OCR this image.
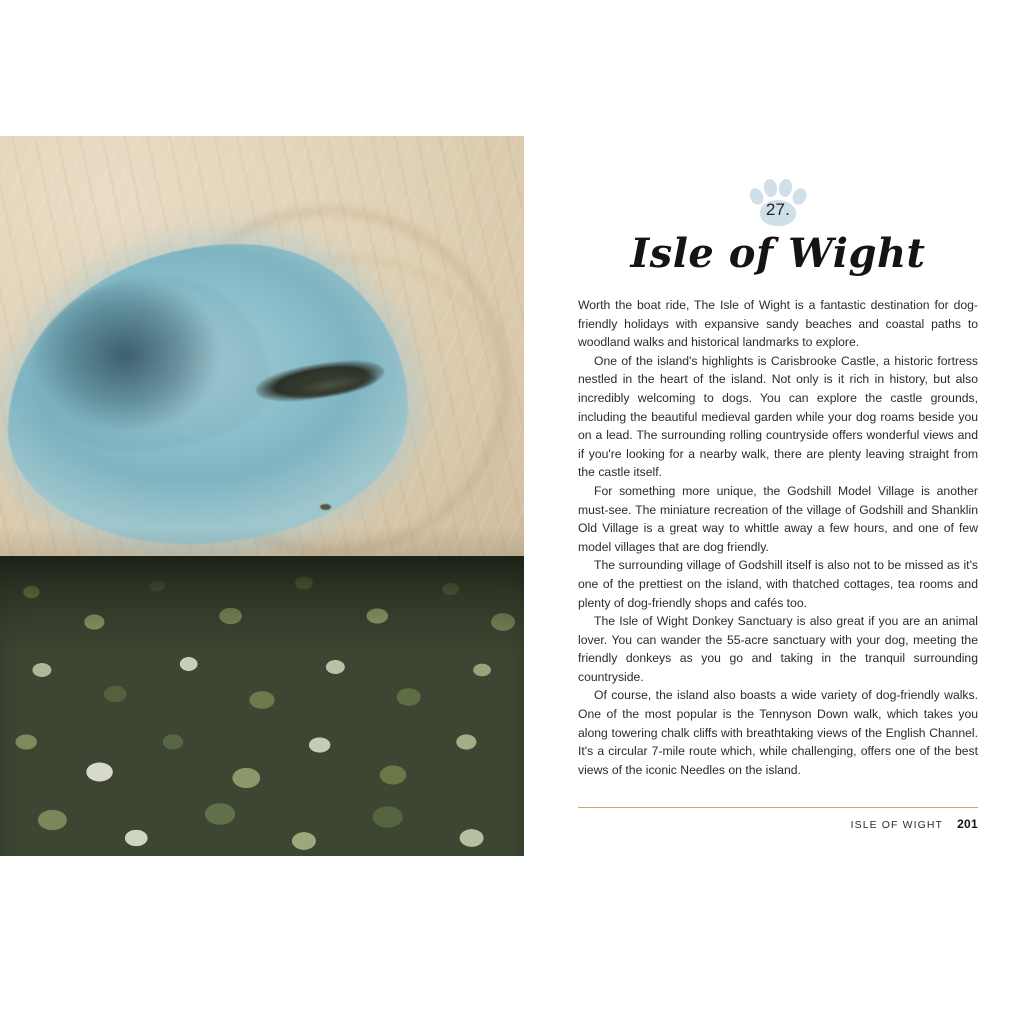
27.
Isle of Wight

Worth the boat ride, The Isle of Wight is a fantastic destination for dog-friendly holidays with expansive sandy beaches and coastal paths to woodland walks and historical landmarks to explore.

One of the island's highlights is Carisbrooke Castle, a historic fortress nestled in the heart of the island. Not only is it rich in history, but also incredibly welcoming to dogs. You can explore the castle grounds, including the beautiful medieval garden while your dog roams beside you on a lead. The surrounding rolling countryside offers wonderful views and if you're looking for a nearby walk, there are plenty leaving straight from the castle itself.

For something more unique, the Godshill Model Village is another must-see. The miniature recreation of the village of Godshill and Shanklin Old Village is a great way to whittle away a few hours, and one of few model villages that are dog friendly.

The surrounding village of Godshill itself is also not to be missed as it's one of the prettiest on the island, with thatched cottages, tea rooms and plenty of dog-friendly shops and cafés too.

The Isle of Wight Donkey Sanctuary is also great if you are an animal lover. You can wander the 55-acre sanctuary with your dog, meeting the friendly donkeys as you go and taking in the tranquil surrounding countryside.

Of course, the island also boasts a wide variety of dog-friendly walks. One of the most popular is the Tennyson Down walk, which takes you along towering chalk cliffs with breathtaking views of the English Channel. It's a circular 7-mile route which, while challenging, offers one of the best views of the iconic Needles on the island.

ISLE OF WIGHT 201
